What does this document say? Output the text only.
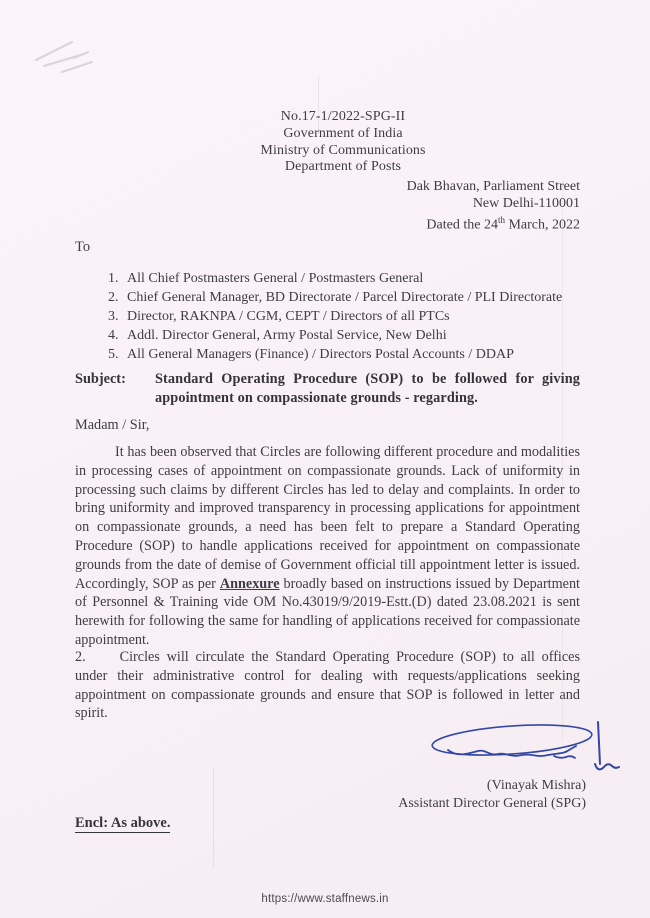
No.17-1/2022-SPG-II
Government of India
Ministry of Communications
Department of Posts
Dak Bhavan, Parliament Street
New Delhi-110001
Dated the 24th March, 2022
To
1. All Chief Postmasters General / Postmasters General
2. Chief General Manager, BD Directorate / Parcel Directorate / PLI Directorate
3. Director, RAKNPA / CGM, CEPT / Directors of all PTCs
4. Addl. Director General, Army Postal Service, New Delhi
5. All General Managers (Finance) / Directors Postal Accounts / DDAP
Subject:	Standard Operating Procedure (SOP) to be followed for giving appointment on compassionate grounds - regarding.
Madam / Sir,

It has been observed that Circles are following different procedure and modalities in processing cases of appointment on compassionate grounds. Lack of uniformity in processing such claims by different Circles has led to delay and complaints. In order to bring uniformity and improved transparency in processing applications for appointment on compassionate grounds, a need has been felt to prepare a Standard Operating Procedure (SOP) to handle applications received for appointment on compassionate grounds from the date of demise of Government official till appointment letter is issued. Accordingly, SOP as per Annexure broadly based on instructions issued by Department of Personnel & Training vide OM No.43019/9/2019-Estt.(D) dated 23.08.2021 is sent herewith for following the same for handling of applications received for compassionate appointment.

2. Circles will circulate the Standard Operating Procedure (SOP) to all offices under their administrative control for dealing with requests/applications seeking appointment on compassionate grounds and ensure that SOP is followed in letter and spirit.

(Vinayak Mishra)
Assistant Director General (SPG)
Encl: As above.
https://www.staffnews.in
